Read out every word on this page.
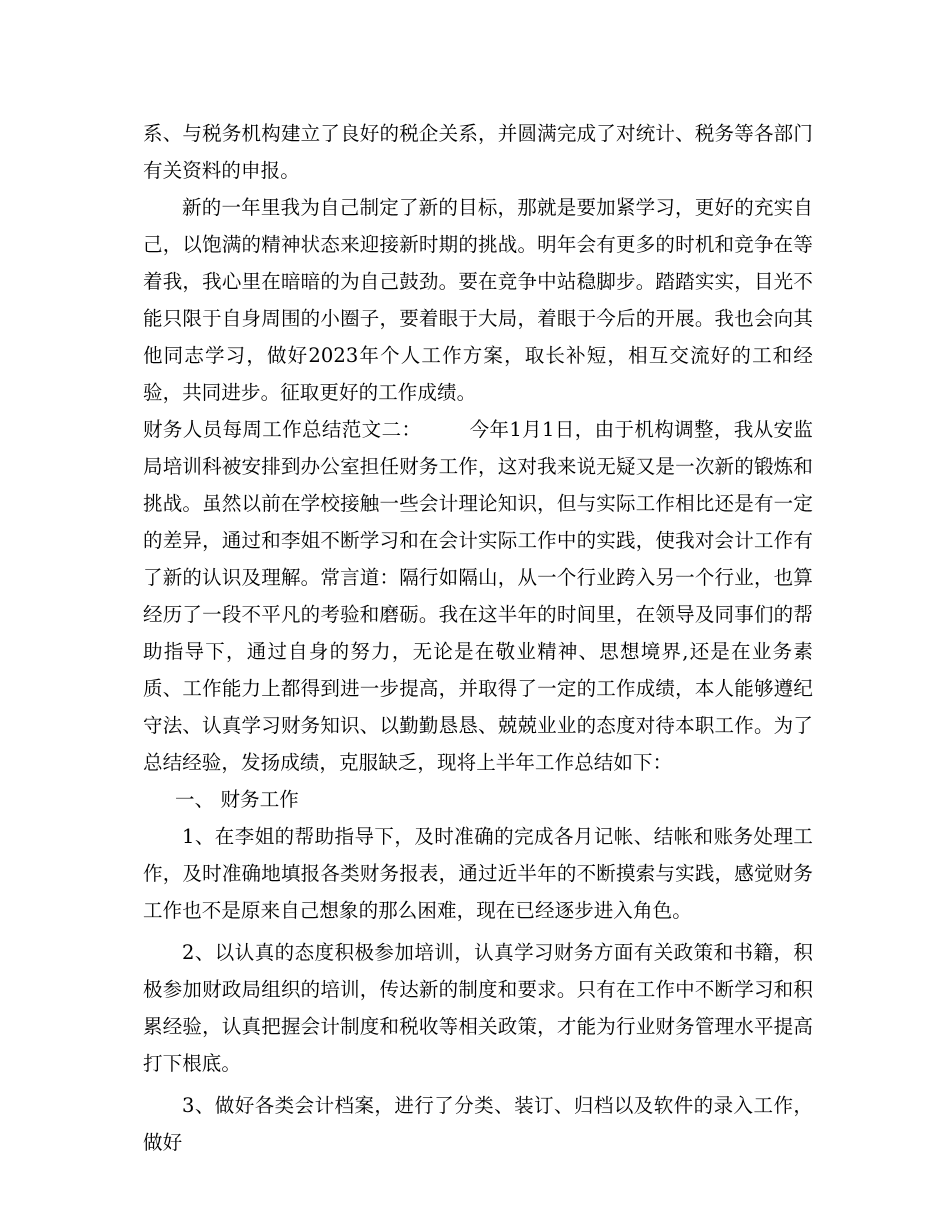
系、与税务机构建立了良好的税企关系，并圆满完成了对统计、税务等各部门有关资料的申报。

新的一年里我为自己制定了新的目标，那就是要加紧学习，更好的充实自己，以饱满的精神状态来迎接新时期的挑战。明年会有更多的时机和竞争在等着我，我心里在暗暗的为自己鼓劲。要在竞争中站稳脚步。踏踏实实，目光不能只限于自身周围的小圈子，要着眼于大局，着眼于今后的开展。我也会向其他同志学习，做好2023年个人工作方案，取长补短，相互交流好的工和经验，共同进步。征取更好的工作成绩。

财务人员每周工作总结范文二： 今年1月1日，由于机构调整，我从安监局培训科被安排到办公室担任财务工作，这对我来说无疑又是一次新的锻炼和挑战。虽然以前在学校接触一些会计理论知识，但与实际工作相比还是有一定的差异，通过和李姐不断学习和在会计实际工作中的实践，使我对会计工作有了新的认识及理解。常言道：隔行如隔山，从一个行业跨入另一个行业，也算经历了一段不平凡的考验和磨砺。我在这半年的时间里，在领导及同事们的帮助指导下，通过自身的努力，无论是在敬业精神、思想境界,还是在业务素质、工作能力上都得到进一步提高，并取得了一定的工作成绩，本人能够遵纪守法、认真学习财务知识、以勤勤恳恳、兢兢业业的态度对待本职工作。为了总结经验，发扬成绩，克服缺乏，现将上半年工作总结如下：

一、 财务工作

1、在李姐的帮助指导下，及时准确的完成各月记帐、结帐和账务处理工作，及时准确地填报各类财务报表，通过近半年的不断摸索与实践，感觉财务工作也不是原来自己想象的那么困难，现在已经逐步进入角色。

2、以认真的态度积极参加培训，认真学习财务方面有关政策和书籍，积极参加财政局组织的培训，传达新的制度和要求。只有在工作中不断学习和积累经验，认真把握会计制度和税收等相关政策，才能为行业财务管理水平提高打下根底。

3、做好各类会计档案，进行了分类、装订、归档以及软件的录入工作，做好
